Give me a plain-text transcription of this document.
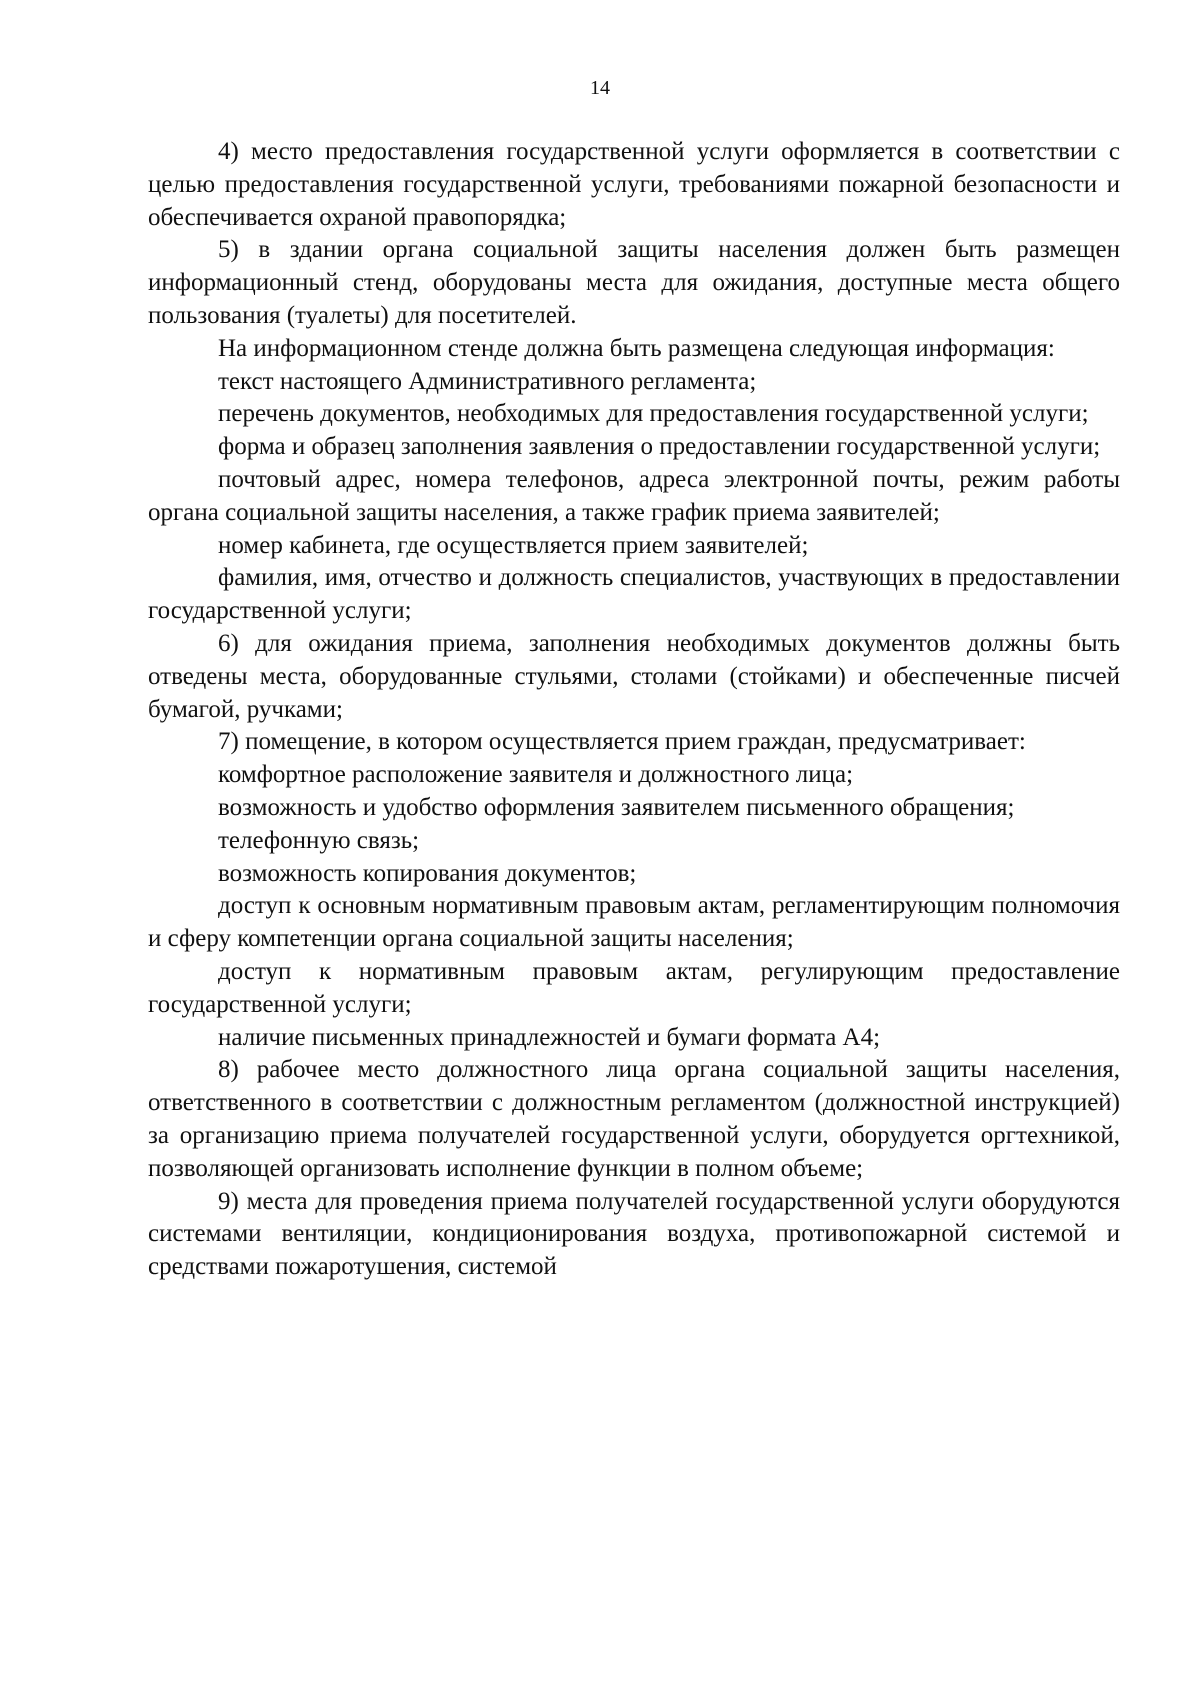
14

4) место предоставления государственной услуги оформляется в соответствии с целью предоставления государственной услуги, требованиями пожарной безопасности и обеспечивается охраной правопорядка;

5) в здании органа социальной защиты населения должен быть размещен информационный стенд, оборудованы места для ожидания, доступные места общего пользования (туалеты) для посетителей.

На информационном стенде должна быть размещена следующая информация:

текст настоящего Административного регламента;

перечень документов, необходимых для предоставления государственной услуги;

форма и образец заполнения заявления о предоставлении государственной услуги;

почтовый адрес, номера телефонов, адреса электронной почты, режим работы органа социальной защиты населения, а также график приема заявителей;

номер кабинета, где осуществляется прием заявителей;

фамилия, имя, отчество и должность специалистов, участвующих в предоставлении государственной услуги;

6) для ожидания приема, заполнения необходимых документов должны быть отведены места, оборудованные стульями, столами (стойками) и обеспеченные писчей бумагой, ручками;

7) помещение, в котором осуществляется прием граждан, предусматривает:

комфортное расположение заявителя и должностного лица;

возможность и удобство оформления заявителем письменного обращения;

телефонную связь;

возможность копирования документов;

доступ к основным нормативным правовым актам, регламентирующим полномочия и сферу компетенции органа социальной защиты населения;

доступ к нормативным правовым актам, регулирующим предоставление государственной услуги;

наличие письменных принадлежностей и бумаги формата А4;

8) рабочее место должностного лица органа социальной защиты населения, ответственного в соответствии с должностным регламентом (должностной инструкцией) за организацию приема получателей государственной услуги, оборудуется оргтехникой, позволяющей организовать исполнение функции в полном объеме;

9) места для проведения приема получателей государственной услуги оборудуются системами вентиляции, кондиционирования воздуха, противопожарной системой и средствами пожаротушения, системой
